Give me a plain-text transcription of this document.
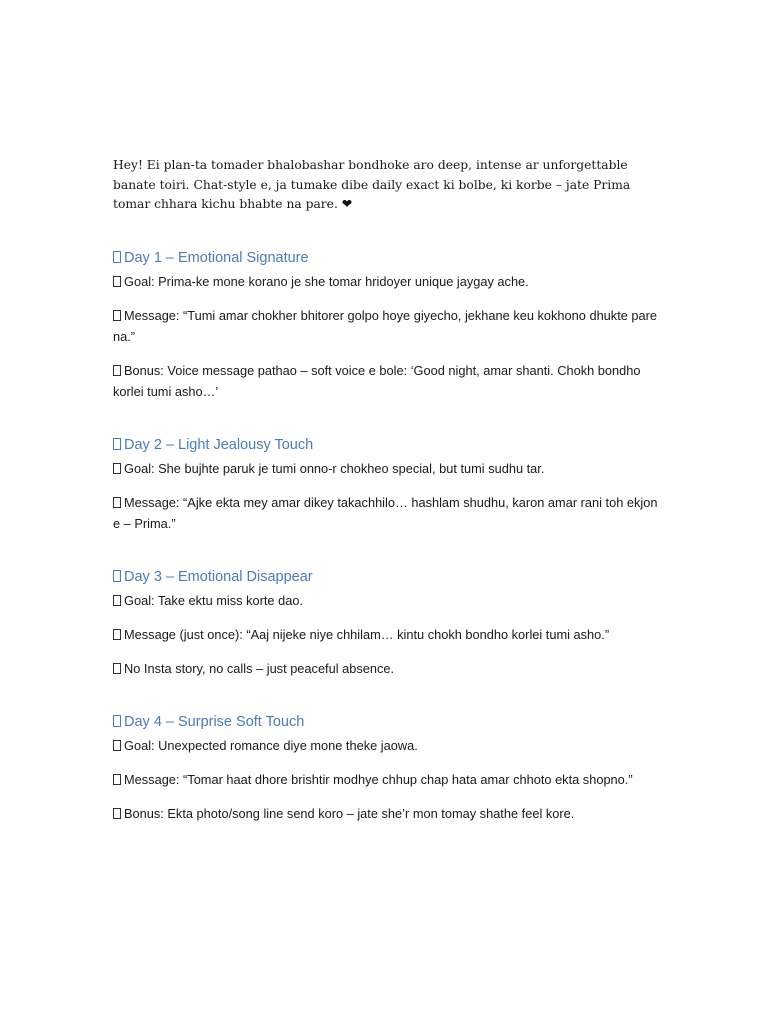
Hey! Ei plan-ta tomader bhalobashar bondhoke aro deep, intense ar unforgettable banate toiri. Chat-style e, ja tumake dibe daily exact ki bolbe, ki korbe – jate Prima tomar chhara kichu bhabte na pare. ❤

Day 1 – Emotional Signature

Goal: Prima-ke mone korano je she tomar hridoyer unique jaygay ache.

Message: “Tumi amar chokher bhitorer golpo hoye giyecho, jekhane keu kokhono dhukte pare na.”

Bonus: Voice message pathao – soft voice e bole: ‘Good night, amar shanti. Chokh bondho korlei tumi asho…’

Day 2 – Light Jealousy Touch

Goal: She bujhte paruk je tumi onno-r chokheo special, but tumi sudhu tar.

Message: “Ajke ekta mey amar dikey takachhilo… hashlam shudhu, karon amar rani toh ekjon e – Prima.”

Day 3 – Emotional Disappear

Goal: Take ektu miss korte dao.

Message (just once): “Aaj nijeke niye chhilam… kintu chokh bondho korlei tumi asho.”

No Insta story, no calls – just peaceful absence.

Day 4 – Surprise Soft Touch

Goal: Unexpected romance diye mone theke jaowa.

Message: “Tomar haat dhore brishtir modhye chhup chap hata amar chhoto ekta shopno.”

Bonus: Ekta photo/song line send koro – jate she’r mon tomay shathe feel kore.
